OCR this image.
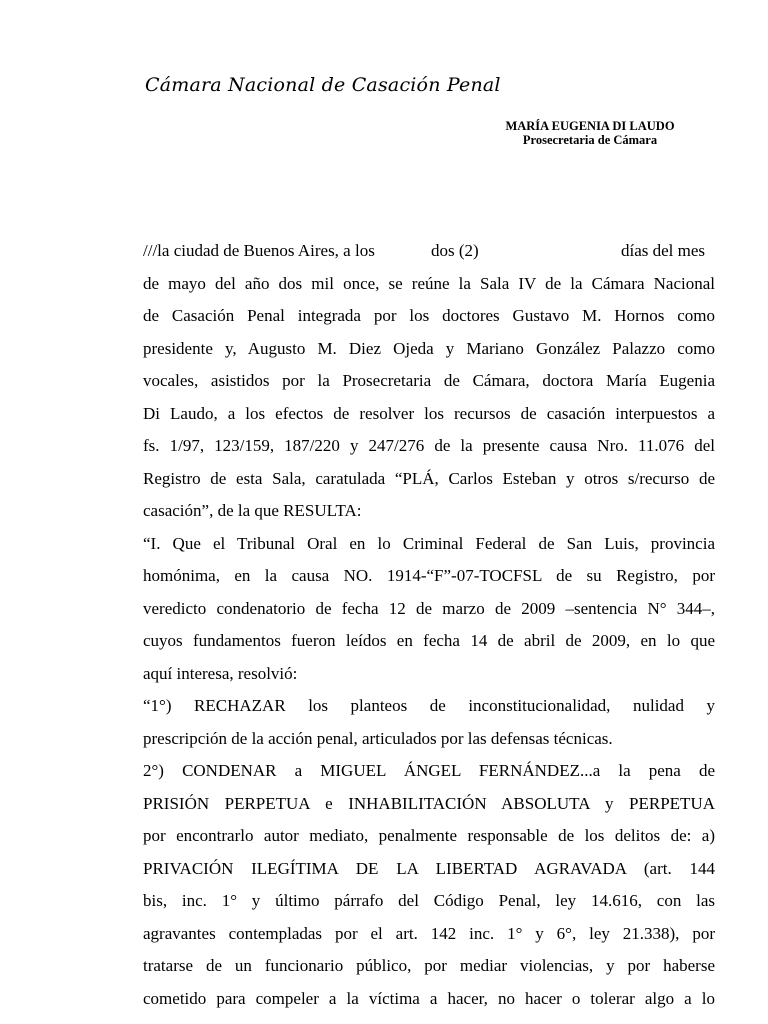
Cámara Nacional de Casación Penal
MARÍA EUGENIA DI LAUDO
Prosecretaria de Cámara
///la ciudad de Buenos Aires, a los	dos (2)	días del mes
de mayo del año dos mil once, se reúne la Sala IV de la Cámara Nacional
de Casación Penal integrada por los doctores Gustavo M. Hornos como
presidente y, Augusto M. Diez Ojeda y Mariano González Palazzo como
vocales, asistidos por la Prosecretaria de Cámara, doctora María Eugenia
Di Laudo, a los efectos de resolver los recursos de casación interpuestos a
fs. 1/97, 123/159, 187/220 y 247/276 de la presente causa Nro. 11.076 del
Registro de esta Sala, caratulada “PLÁ, Carlos Esteban y otros s/recurso de
casación”, de la que RESULTA:
“I. Que el Tribunal Oral en lo Criminal Federal de San Luis, provincia
homónima, en la causa NO. 1914-“F”-07-TOCFSL de su Registro, por
veredicto condenatorio de fecha 12 de marzo de 2009 –sentencia N° 344–,
cuyos fundamentos fueron leídos en fecha 14 de abril de 2009, en lo que
aquí interesa, resolvió:
“1°) RECHAZAR los planteos de inconstitucionalidad, nulidad y
prescripción de la acción penal, articulados por las defensas técnicas.
2°) CONDENAR a MIGUEL ÁNGEL FERNÁNDEZ...a la pena de
PRISIÓN PERPETUA e INHABILITACIÓN ABSOLUTA y PERPETUA
por encontrarlo autor mediato, penalmente responsable de los delitos de: a)
PRIVACIÓN ILEGÍTIMA DE LA LIBERTAD AGRAVADA (art. 144
bis, inc. 1° y último párrafo del Código Penal, ley 14.616, con las
agravantes contempladas por el art. 142 inc. 1° y 6°, ley 21.338), por
tratarse de un funcionario público, por mediar violencias, y por haberse
cometido para compeler a la víctima a hacer, no hacer o tolerar algo a lo
